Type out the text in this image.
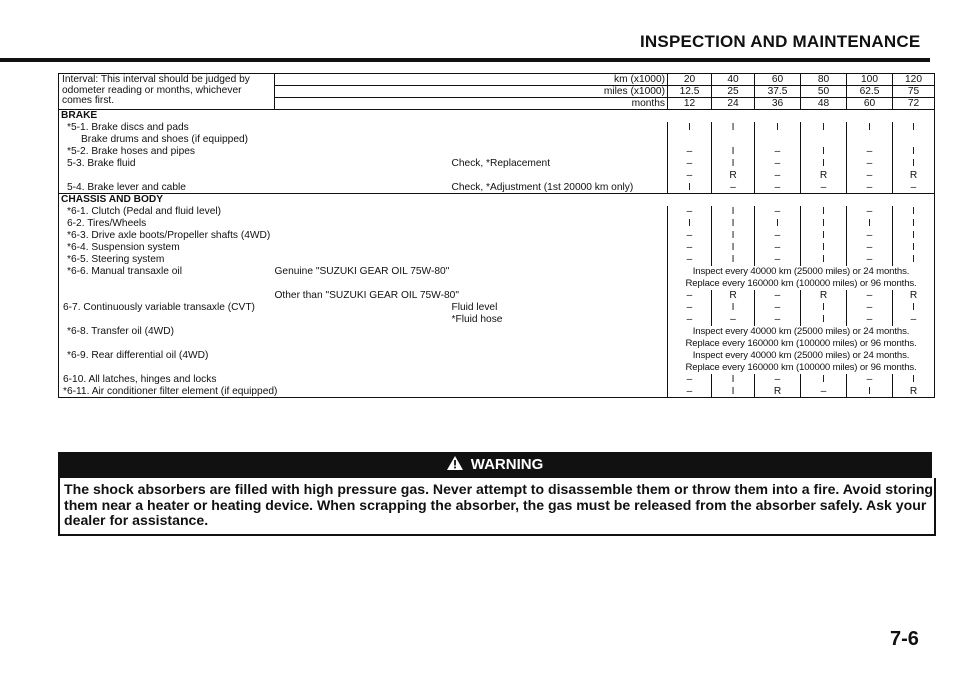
INSPECTION AND MAINTENANCE
Interval: This interval should be judged by odometer reading or months, whichever comes first.	km (x1000)		20	40	60	80	100	120
	miles (x1000)		12.5	25	37.5	50	62.5	75
	months		12	24	36	48	60	72
BRAKE								
*5-1. Brake discs and pads			I	I	I	I	I	I
Brake drums and shoes (if equipped)								
*5-2. Brake hoses and pipes			–	I	–	I	–	I
5-3. Brake fluid		Check, *Replacement	–	I	–	I	–	I
			–	R	–	R	–	R
5-4. Brake lever and cable		Check, *Adjustment (1st 20000 km only)	I	–	–	–	–	–
CHASSIS AND BODY								
*6-1. Clutch (Pedal and fluid level)			–	I	–	I	–	I
6-2. Tires/Wheels			I	I	I	I	I	I
*6-3. Drive axle boots/Propeller shafts (4WD)			–	I	–	I	–	I
*6-4. Suspension system			–	I	–	I	–	I
*6-5. Steering system			–	I	–	I	–	I
*6-6. Manual transaxle oil	Genuine "SUZUKI GEAR OIL 75W-80"		Inspect every 40000 km (25000 miles) or 24 months.					
			Replace every 160000 km (100000 miles) or 96 months.					
	Other than "SUZUKI GEAR OIL 75W-80"		–	R	–	R	–	R
6-7. Continuously variable transaxle (CVT)		Fluid level	–	I	–	I	–	I
		*Fluid hose	–	–	–	I	–	–
*6-8. Transfer oil (4WD)			Inspect every 40000 km (25000 miles) or 24 months.					
			Replace every 160000 km (100000 miles) or 96 months.					
*6-9. Rear differential oil (4WD)			Inspect every 40000 km (25000 miles) or 24 months.					
			Replace every 160000 km (100000 miles) or 96 months.					
6-10. All latches, hinges and locks			–	I	–	I	–	I
*6-11. Air conditioner filter element (if equipped)			–	I	R	–	I	R
WARNING
The shock absorbers are filled with high pressure gas. Never attempt to disassemble them or throw them into a fire. Avoid storing them near a heater or heating device. When scrapping the absorber, the gas must be released from the absorber safely. Ask your dealer for assistance.
7-6
